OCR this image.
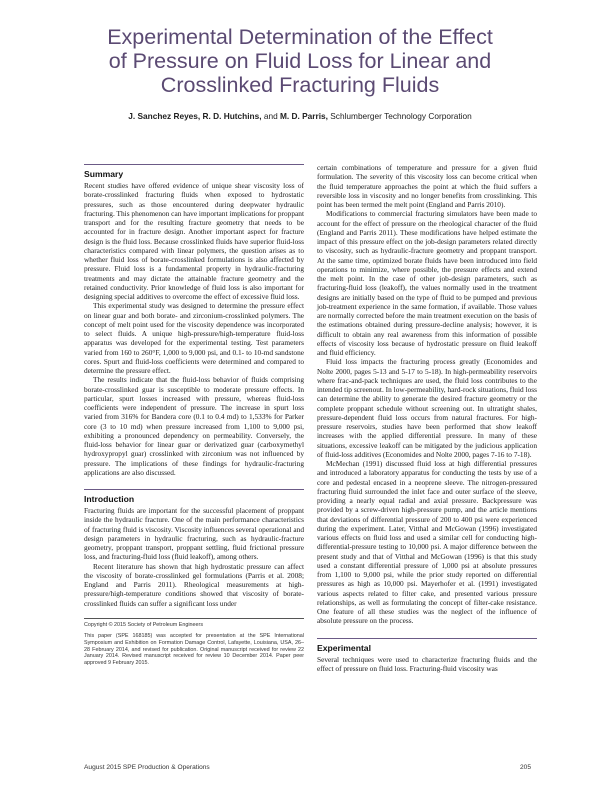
Experimental Determination of the Effect
of Pressure on Fluid Loss for Linear and
Crosslinked Fracturing Fluids
J. Sanchez Reyes, R. D. Hutchins, and M. D. Parris, Schlumberger Technology Corporation
Summary

Recent studies have offered evidence of unique shear viscosity loss of borate-crosslinked fracturing fluids when exposed to hydrostatic pressures, such as those encountered during deepwater hydraulic fracturing. This phenomenon can have important implications for proppant transport and for the resulting fracture geometry that needs to be accounted for in fracture design. Another important aspect for fracture design is the fluid loss. Because crosslinked fluids have superior fluid-loss characteristics compared with linear polymers, the question arises as to whether fluid loss of borate-crosslinked formulations is also affected by pressure. Fluid loss is a fundamental property in hydraulic-fracturing treatments and may dictate the attainable fracture geometry and the retained conductivity. Prior knowledge of fluid loss is also important for designing special additives to overcome the effect of excessive fluid loss.

This experimental study was designed to determine the pressure effect on linear guar and both borate- and zirconium-crosslinked polymers. The concept of melt point used for the viscosity dependence was incorporated to select fluids. A unique high-pressure/high-temperature fluid-loss apparatus was developed for the experimental testing. Test parameters varied from 160 to 260°F, 1,000 to 9,000 psi, and 0.1- to 10-md sandstone cores. Spurt and fluid-loss coefficients were determined and compared to determine the pressure effect.

The results indicate that the fluid-loss behavior of fluids comprising borate-crosslinked guar is susceptible to moderate pressure effects. In particular, spurt losses increased with pressure, whereas fluid-loss coefficients were independent of pressure. The increase in spurt loss varied from 316% for Bandera core (0.1 to 0.4 md) to 1,533% for Parker core (3 to 10 md) when pressure increased from 1,100 to 9,000 psi, exhibiting a pronounced dependency on permeability. Conversely, the fluid-loss behavior for linear guar or derivatized guar (carboxymethyl hydroxypropyl guar) crosslinked with zirconium was not influenced by pressure. The implications of these findings for hydraulic-fracturing applications are also discussed.

Introduction

Fracturing fluids are important for the successful placement of proppant inside the hydraulic fracture. One of the main performance characteristics of fracturing fluid is viscosity. Viscosity influences several operational and design parameters in hydraulic fracturing, such as hydraulic-fracture geometry, proppant transport, proppant settling, fluid frictional pressure loss, and fracturing-fluid loss (fluid leakoff), among others.

Recent literature has shown that high hydrostatic pressure can affect the viscosity of borate-crosslinked gel formulations (Parris et al. 2008; England and Parris 2011). Rheological measurements at high-pressure/high-temperature conditions showed that viscosity of borate-crosslinked fluids can suffer a significant loss under

Copyright © 2015 Society of Petroleum Engineers
This paper (SPE 168185) was accepted for presentation at the SPE International Symposium and Exhibition on Formation Damage Control, Lafayette, Louisiana, USA, 26–28 February 2014, and revised for publication. Original manuscript received for review 22 January 2014. Revised manuscript received for review 10 December 2014. Paper peer approved 9 February 2015.

certain combinations of temperature and pressure for a given fluid formulation. The severity of this viscosity loss can become critical when the fluid temperature approaches the point at which the fluid suffers a reversible loss in viscosity and no longer benefits from crosslinking. This point has been termed the melt point (England and Parris 2010).

Modifications to commercial fracturing simulators have been made to account for the effect of pressure on the rheological character of the fluid (England and Parris 2011). These modifications have helped estimate the impact of this pressure effect on the job-design parameters related directly to viscosity, such as hydraulic-fracture geometry and proppant transport. At the same time, optimized borate fluids have been introduced into field operations to minimize, where possible, the pressure effects and extend the melt point. In the case of other job-design parameters, such as fracturing-fluid loss (leakoff), the values normally used in the treatment designs are initially based on the type of fluid to be pumped and previous job-treatment experience in the same formation, if available. Those values are normally corrected before the main treatment execution on the basis of the estimations obtained during pressure-decline analysis; however, it is difficult to obtain any real awareness from this information of possible effects of viscosity loss because of hydrostatic pressure on fluid leakoff and fluid efficiency.

Fluid loss impacts the fracturing process greatly (Economides and Nolte 2000, pages 5-13 and 5-17 to 5-18). In high-permeability reservoirs where frac-and-pack techniques are used, the fluid loss contributes to the intended tip screenout. In low-permeability, hard-rock situations, fluid loss can determine the ability to generate the desired fracture geometry or the complete proppant schedule without screening out. In ultratight shales, pressure-dependent fluid loss occurs from natural fractures. For high-pressure reservoirs, studies have been performed that show leakoff increases with the applied differential pressure. In many of these situations, excessive leakoff can be mitigated by the judicious application of fluid-loss additives (Economides and Nolte 2000, pages 7-16 to 7-18).

McMechan (1991) discussed fluid loss at high differential pressures and introduced a laboratory apparatus for conducting the tests by use of a core and pedestal encased in a neoprene sleeve. The nitrogen-pressured fracturing fluid surrounded the inlet face and outer surface of the sleeve, providing a nearly equal radial and axial pressure. Backpressure was provided by a screw-driven high-pressure pump, and the article mentions that deviations of differential pressure of 200 to 400 psi were experienced during the experiment. Later, Vitthal and McGowan (1996) investigated various effects on fluid loss and used a similar cell for conducting high-differential-pressure testing to 10,000 psi. A major difference between the present study and that of Vitthal and McGowan (1996) is that this study used a constant differential pressure of 1,000 psi at absolute pressures from 1,100 to 9,000 psi, while the prior study reported on differential pressures as high as 10,000 psi. Mayerhofer et al. (1991) investigated various aspects related to filter cake, and presented various pressure relationships, as well as formulating the concept of filter-cake resistance. One feature of all these studies was the neglect of the influence of absolute pressure on the process.

Experimental

Several techniques were used to characterize fracturing fluids and the effect of pressure on fluid loss. Fracturing-fluid viscosity was

August 2015 SPE Production & Operations	205
